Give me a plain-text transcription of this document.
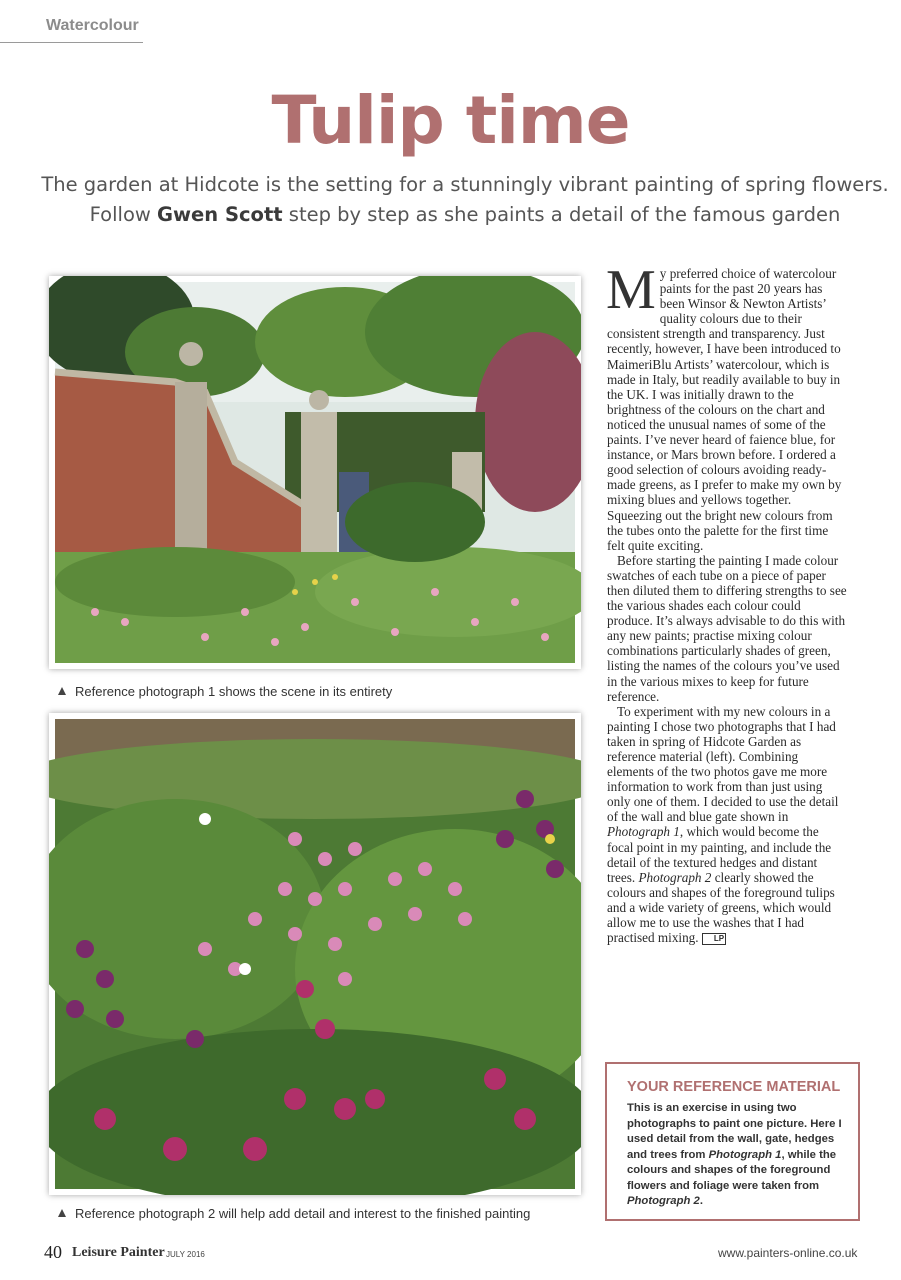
Watercolour
Tulip time

The garden at Hidcote is the setting for a stunningly vibrant painting of spring flowers. Follow Gwen Scott step by step as she paints a detail of the famous garden

Reference photograph 1 shows the scene in its entirety
Reference photograph 2 will help add detail and interest to the finished painting

My preferred choice of watercolour paints for the past 20 years has been Winsor & Newton Artists’ quality colours due to their consistent strength and transparency. Just recently, however, I have been introduced to MaimeriBlu Artists’ watercolour, which is made in Italy, but readily available to buy in the UK. I was initially drawn to the brightness of the colours on the chart and noticed the unusual names of some of the paints. I’ve never heard of faience blue, for instance, or Mars brown before. I ordered a good selection of colours avoiding ready-made greens, as I prefer to make my own by mixing blues and yellows together. Squeezing out the bright new colours from the tubes onto the palette for the first time felt quite exciting.

Before starting the painting I made colour swatches of each tube on a piece of paper then diluted them to differing strengths to see the various shades each colour could produce. It’s always advisable to do this with any new paints; practise mixing colour combinations particularly shades of green, listing the names of the colours you’ve used in the various mixes to keep for future reference.

To experiment with my new colours in a painting I chose two photographs that I had taken in spring of Hidcote Garden as reference material (left). Combining elements of the two photos gave me more information to work from than just using only one of them. I decided to use the detail of the wall and blue gate shown in Photograph 1, which would become the focal point in my painting, and include the detail of the textured hedges and distant trees. Photograph 2 clearly showed the colours and shapes of the foreground tulips and a wide variety of greens, which would allow me to use the washes that I had practised mixing. LP

YOUR REFERENCE MATERIAL

This is an exercise in using two photographs to paint one picture. Here I used detail from the wall, gate, hedges and trees from Photograph 1, while the colours and shapes of the foreground flowers and foliage were taken from Photograph 2.

40 Leisure Painter JULY 2016	www.painters-online.co.uk
